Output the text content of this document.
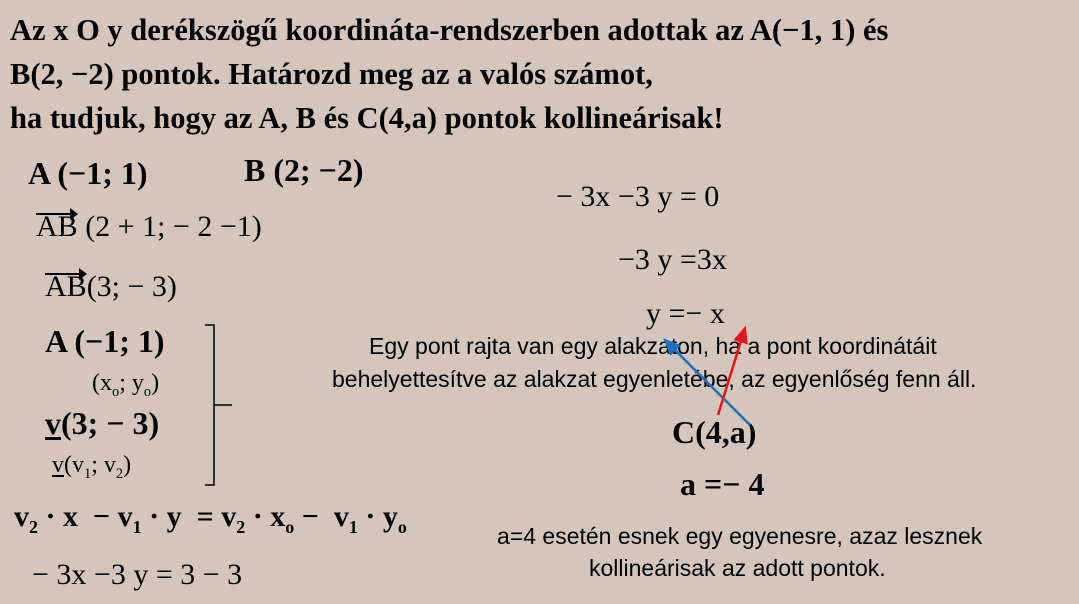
Az x O y derékszögű koordináta-rendszerben adottak az A(−1, 1) és
B(2, −2) pontok. Határozd meg az a valós számot,
ha tudjuk, hogy az A, B és C(4,a) pontok kollineárisak!
A (−1; 1)	B (2; −2)
AB (2 + 1; − 2 −1)
AB(3; − 3)
A (−1; 1)
($x_o$; $y_o$)
v(3; − 3)
$v(v_1$; $v_2$)
$v_2 \cdot x - v_1 \cdot y = v_2 \cdot x_o - v_1 \cdot y_o$
− 3x −3 y = 3 − 3
− 3x −3 y = 0
−3 y =3x
y =− x
Egy pont rajta van egy alakzaton, ha a pont koordinátáit
behelyettesítve az alakzat egyenletébe, az egyenlőség fenn áll.
C(4,a)
a =− 4
a=4 esetén esnek egy egyenesre, azaz lesznek
kollineárisak az adott pontok.
